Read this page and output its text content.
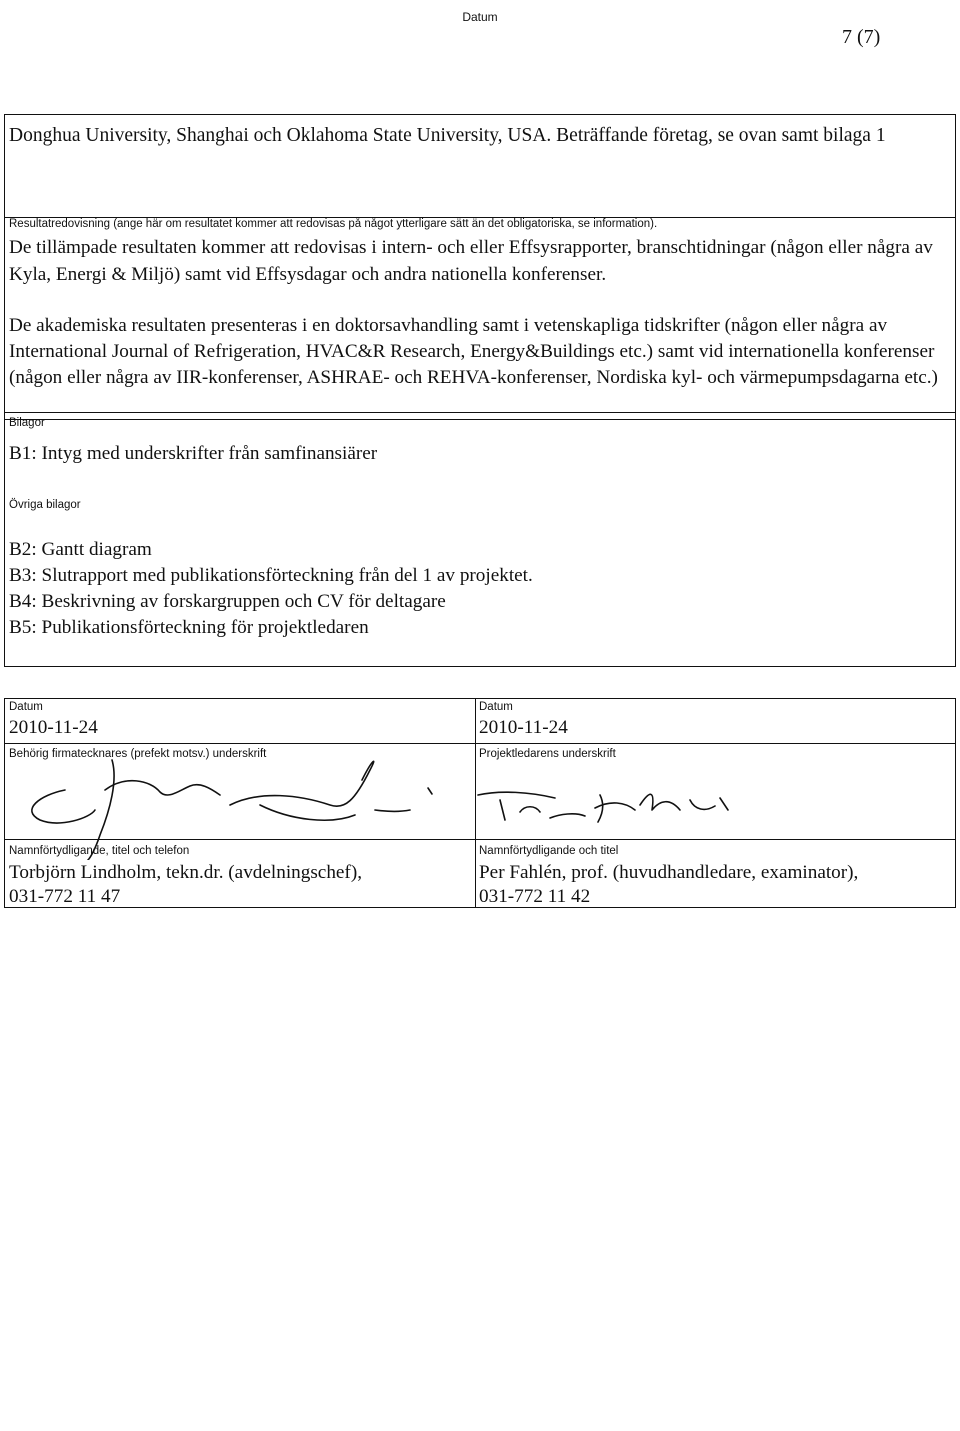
Datum
7 (7)
Donghua University, Shanghai och Oklahoma State University, USA. Beträffande företag, se ovan samt bilaga 1
Resultatredovisning (ange här om resultatet kommer att redovisas på något ytterligare sätt än det obligatoriska, se information).
De tillämpade resultaten kommer att redovisas i intern- och eller Effsysrapporter, branschtidningar (någon eller några av Kyla, Energi & Miljö) samt vid Effsysdagar och andra nationella konferenser.
De akademiska resultaten presenteras i en doktorsavhandling samt i vetenskapliga tidskrifter (någon eller några av International Journal of Refrigeration, HVAC&R Research, Energy&Buildings etc.) samt vid internationella konferenser (någon eller några av IIR-konferenser, ASHRAE- och REHVA-konferenser, Nordiska kyl- och värmepumpsdagarna etc.)
Bilagor
B1: Intyg med underskrifter från samfinansiärer
Övriga bilagor
B2: Gantt diagram
B3: Slutrapport med publikationsförteckning från del 1 av projektet.
B4: Beskrivning av forskargruppen och CV för deltagare
B5: Publikationsförteckning för projektledaren
Datum
2010-11-24
Behörig firmatecknares (prefekt motsv.) underskrift
Namnförtydligande, titel och telefon
Torbjörn Lindholm, tekn.dr. (avdelningschef),
031-772 11 47
Datum
2010-11-24
Projektledarens underskrift
Namnförtydligande och titel
Per Fahlén, prof. (huvudhandledare, examinator),
031-772 11 42
